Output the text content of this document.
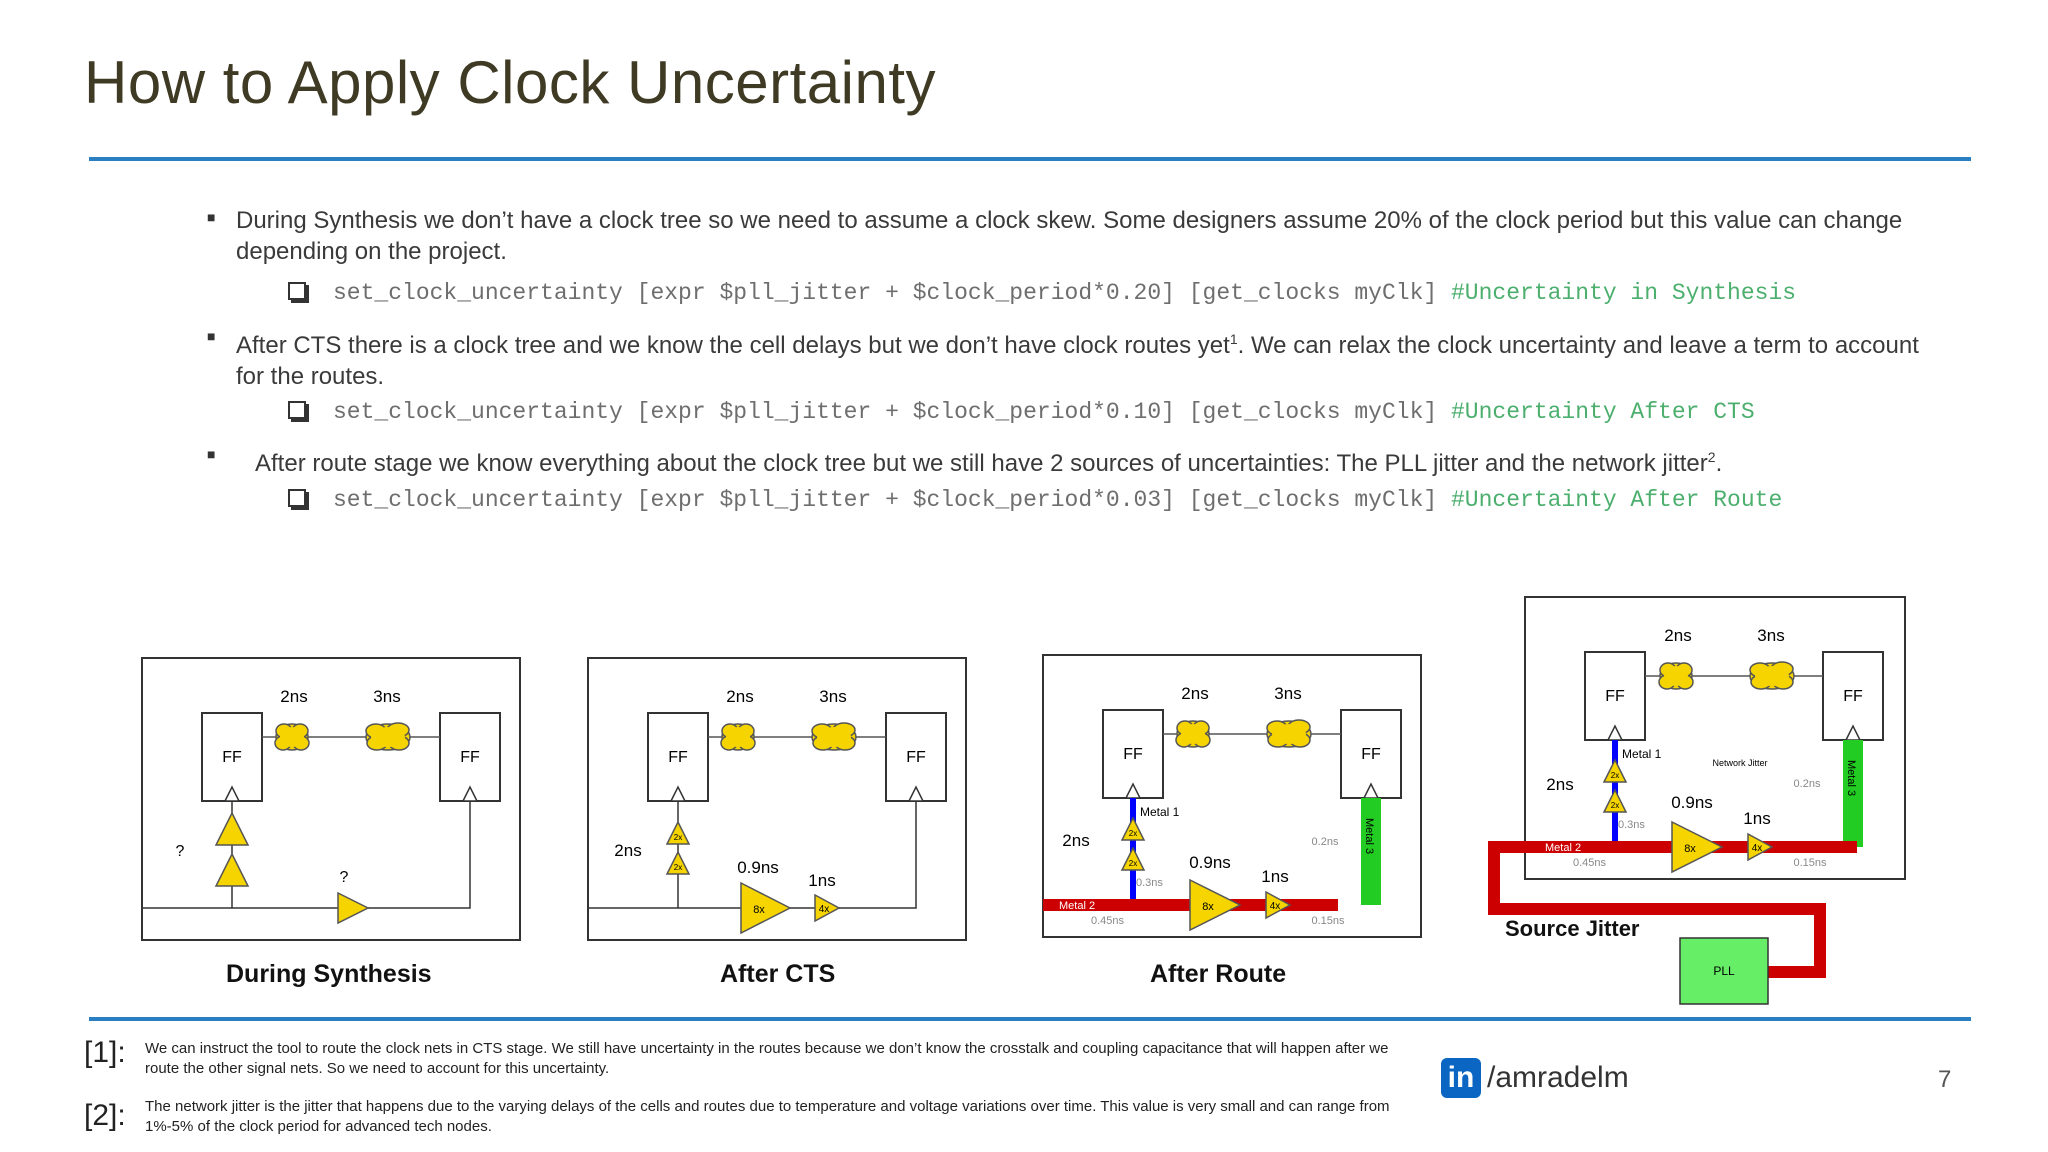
How to Apply Clock Uncertainty
■ During Synthesis we don’t have a clock tree so we need to assume a clock skew. Some designers assume 20% of the clock period but this value can change depending on the project.
set_clock_uncertainty [expr $pll_jitter + $clock_period*0.20] [get_clocks myClk] #Uncertainty in Synthesis
■ After CTS there is a clock tree and we know the cell delays but we don’t have clock routes yet$^1$. We can relax the clock uncertainty and leave a term to account for the routes.
set_clock_uncertainty [expr $pll_jitter + $clock_period*0.10] [get_clocks myClk] #Uncertainty After CTS
■ After route stage we know everything about the clock tree but we still have 2 sources of uncertainties: The PLL jitter and the network jitter$^2$.
set_clock_uncertainty [expr $pll_jitter + $clock_period*0.03] [get_clocks myClk] #Uncertainty After Route
FF	FF
2ns	3ns
?
?
FF	FF
2ns	3ns
2x
2x
2ns
8x	4x
0.9ns
1ns
FF	FF
2ns	3ns
Metal 3
2x
2x
Metal 1
0.3ns
2ns
Metal 2
0.45ns
8x	4x
0.9ns
1ns
0.2ns
0.15ns
FF	FF
2ns	3ns
Metal 3
2x
2x
Metal 1
0.3ns
2ns
Metal 2
0.45ns
8x	4x
0.9ns
1ns
0.2ns
0.15ns
Network Jitter
PLL
Source Jitter
During Synthesis	After CTS	After Route
[1]: We can instruct the tool to route the clock nets in CTS stage. We still have uncertainty in the routes because we don’t know the crosstalk and coupling capacitance that will happen after we route the other signal nets. So we need to account for this uncertainty.
[2]: The network jitter is the jitter that happens due to the varying delays of the cells and routes due to temperature and voltage variations over time. This value is very small and can range from 1%-5% of the clock period for advanced tech nodes.
in /amradelm	7
